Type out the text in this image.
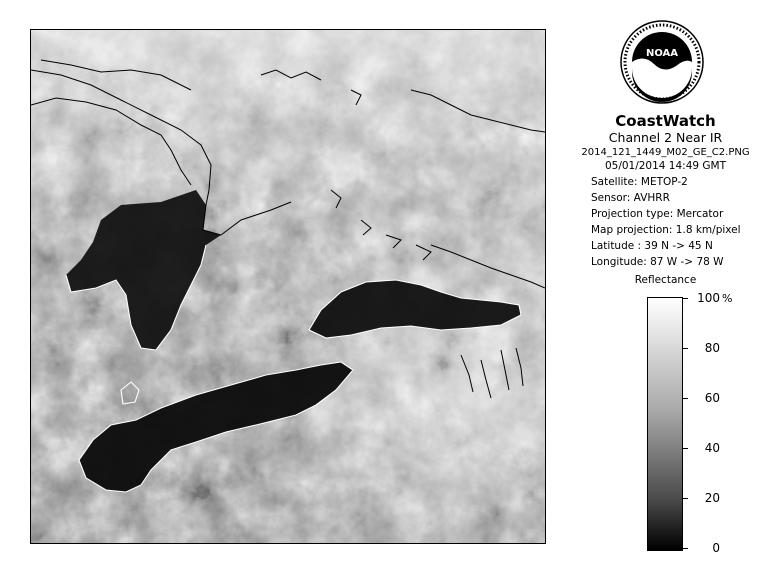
NOAA
CoastWatch
Channel 2 Near IR
2014_121_1449_M02_GE_C2.PNG
05/01/2014 14:49 GMT
Satellite: METOP-2
Sensor: AVHRR
Projection type: Mercator
Map projection: 1.8 km/pixel
Latitude : 39 N -> 45 N
Longitude: 87 W -> 78 W
Reflectance
100
80
60
40
20
0
%
